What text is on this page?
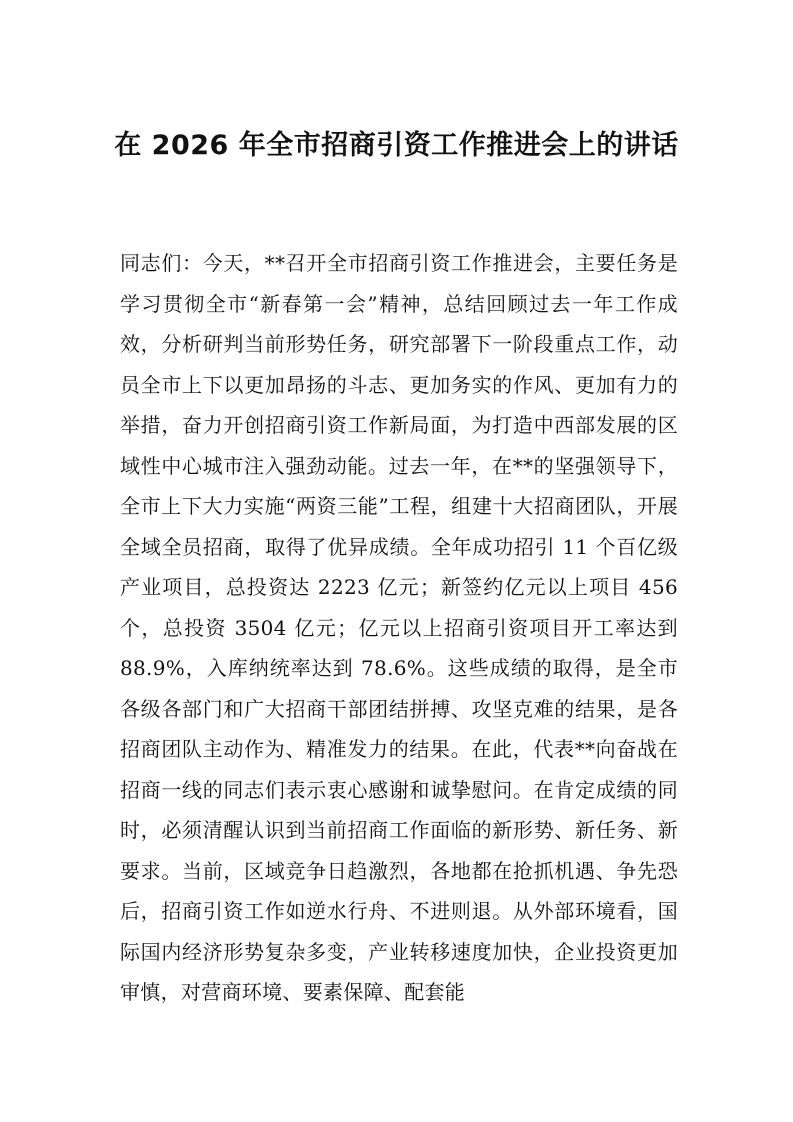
在 2026 年全市招商引资工作推进会上的讲话

同志们：今天，**召开全市招商引资工作推进会，主要任务是学习贯彻全市“新春第一会”精神，总结回顾过去一年工作成效，分析研判当前形势任务，研究部署下一阶段重点工作，动员全市上下以更加昂扬的斗志、更加务实的作风、更加有力的举措，奋力开创招商引资工作新局面，为打造中西部发展的区域性中心城市注入强劲动能。过去一年，在**的坚强领导下，全市上下大力实施“两资三能”工程，组建十大招商团队，开展全域全员招商，取得了优异成绩。全年成功招引 11 个百亿级产业项目，总投资达 2223 亿元；新签约亿元以上项目 456 个，总投资 3504 亿元；亿元以上招商引资项目开工率达到 88.9%，入库纳统率达到 78.6%。这些成绩的取得，是全市各级各部门和广大招商干部团结拼搏、攻坚克难的结果，是各招商团队主动作为、精准发力的结果。在此，代表**向奋战在招商一线的同志们表示衷心感谢和诚挚慰问。在肯定成绩的同时，必须清醒认识到当前招商工作面临的新形势、新任务、新要求。当前，区域竞争日趋激烈，各地都在抢抓机遇、争先恐后，招商引资工作如逆水行舟、不进则退。从外部环境看，国际国内经济形势复杂多变，产业转移速度加快，企业投资更加审慎，对营商环境、要素保障、配套能
